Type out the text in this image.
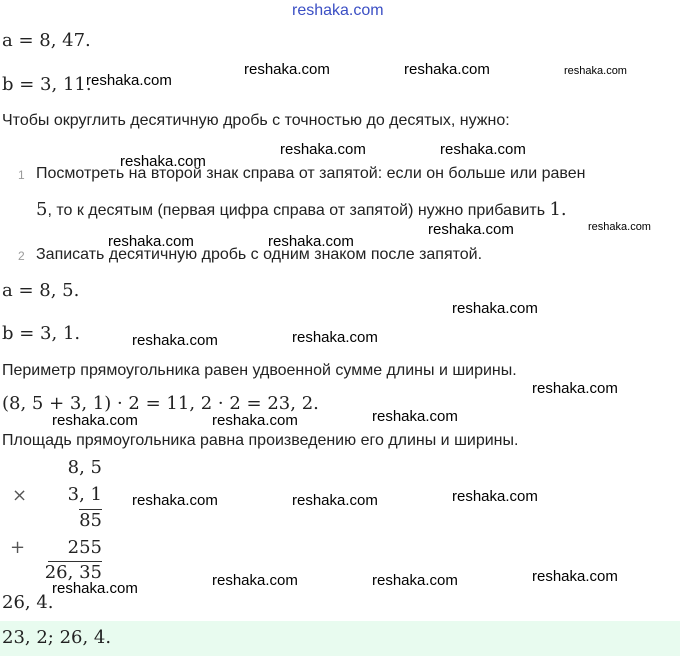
reshaka.com
a = 8, 47.
b = 3, 11.
Чтобы округлить десятичную дробь с точностью до десятых, нужно:
1 Посмотреть на второй знак справа от запятой: если он больше или равен
5, то к десятым (первая цифра справа от запятой) нужно прибавить 1.
2 Записать десятичную дробь с одним знаком после запятой.
a = 8, 5.
b = 3, 1.
Периметр прямоугольника равен удвоенной сумме длины и ширины.
(8, 5 + 3, 1) · 2 = 11, 2 · 2 = 23, 2.
Площадь прямоугольника равна произведению его длины и ширины.
×
8, 5
3, 1
85
+	255
26, 35
26, 4.
23, 2; 26, 4.
reshaka.com
reshaka.com	reshaka.com	reshaka.com
reshaka.com
reshaka.com	reshaka.com
reshaka.com	reshaka.com
reshaka.com	reshaka.com
reshaka.com
reshaka.com	reshaka.com
reshaka.com
reshaka.com
reshaka.com	reshaka.com
reshaka.com
reshaka.com	reshaka.com
reshaka.com
reshaka.com	reshaka.com
reshaka.com
